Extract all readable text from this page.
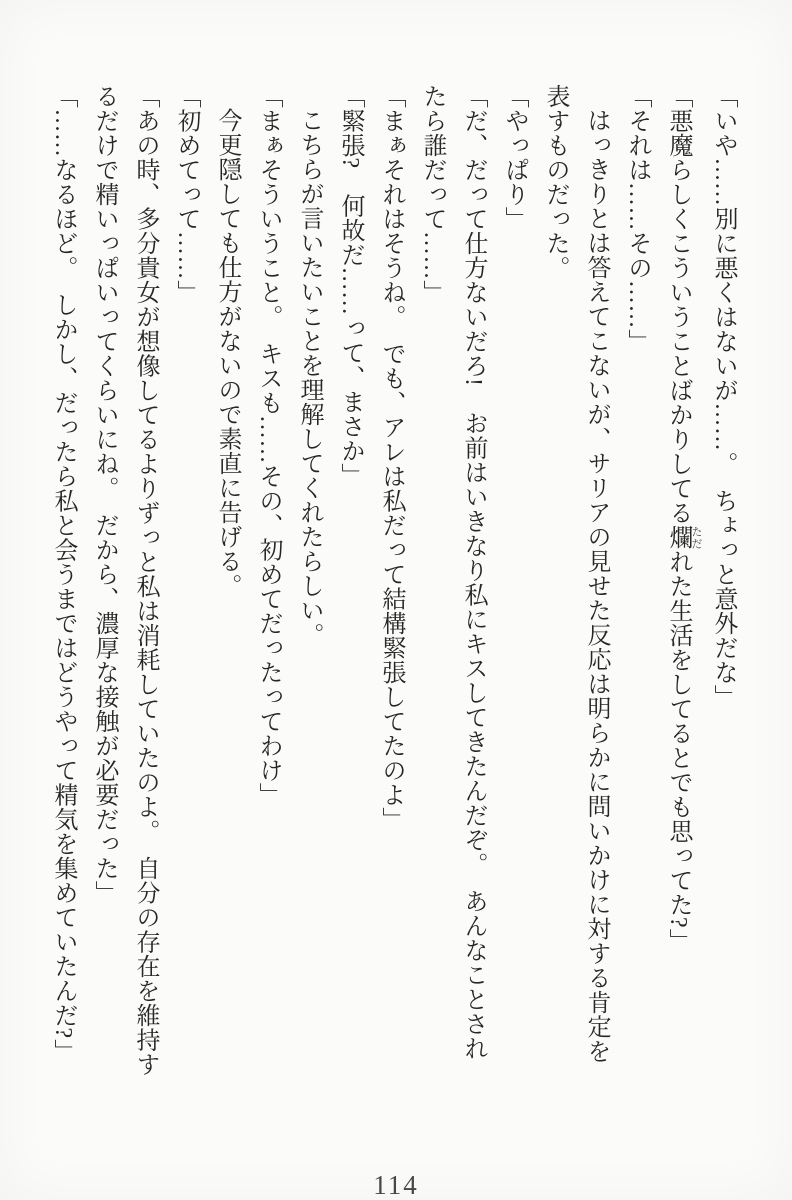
「いや……別に悪くはないが……。　ちょっと意外だな」
「悪魔らしくこういうことばかりしてる爛 ただれた生活をしてるとでも思ってた?」
「それは……その……」
はっきりとは答えてこないが、サリアの見せた反応は明らかに問いかけに対する肯定を
表すものだった。
「やっぱり」
「だ、だって仕方ないだろ!　お前はいきなり私にキスしてきたんだぞ。　あんなことされ
たら誰だって……」
「まぁそれはそうね。　でも、アレは私だって結構緊張してたのよ」
「緊張?　何故だ……って、まさか」
こちらが言いたいことを理解してくれたらしい。
「まぁそういうこと。　キスも……その、初めてだったってわけ」
今更隠しても仕方がないので素直に告げる。
「初めてって……」
「あの時、多分貴女が想像してるよりずっと私は消耗していたのよ。　自分の存在を維持す
るだけで精いっぱいってくらいにね。　だから、濃厚な接触が必要だった」
「……なるほど。　しかし、だったら私と会うまではどうやって精気を集めていたんだ?」
114
